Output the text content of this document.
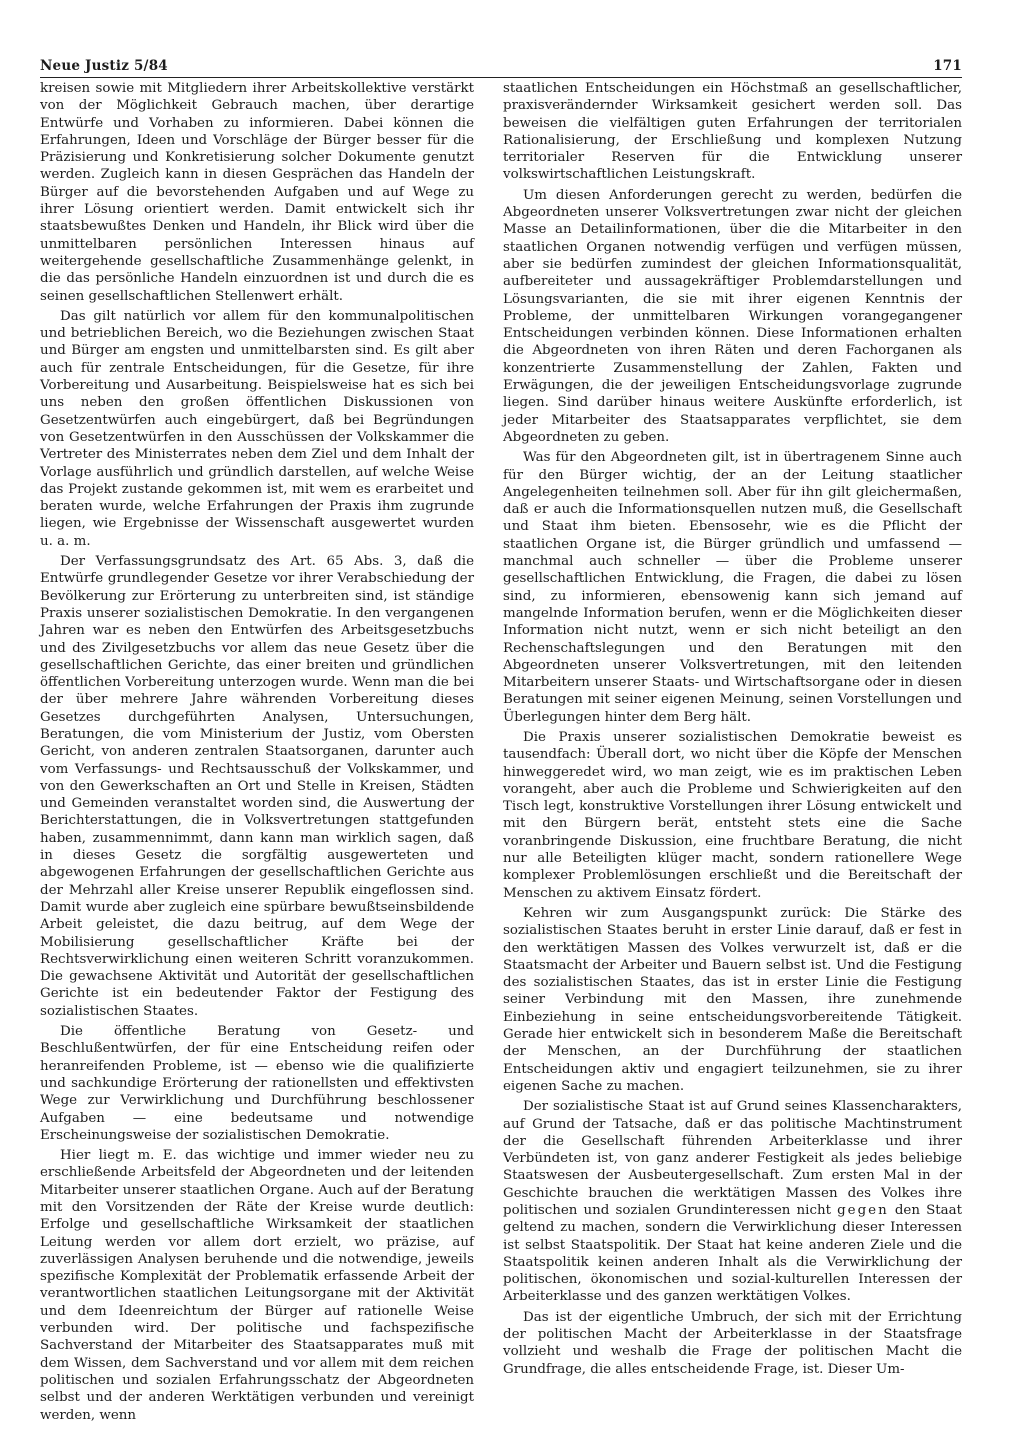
Neue Justiz 5/84	171

kreisen sowie mit Mitgliedern ihrer Arbeitskollektive verstärkt von der Möglichkeit Gebrauch machen, über derartige Entwürfe und Vorhaben zu informieren. Dabei können die Erfahrungen, Ideen und Vorschläge der Bürger besser für die Präzisierung und Konkretisierung solcher Dokumente genutzt werden. Zugleich kann in diesen Gesprächen das Handeln der Bürger auf die bevorstehenden Aufgaben und auf Wege zu ihrer Lösung orientiert werden. Damit entwickelt sich ihr staatsbewußtes Denken und Handeln, ihr Blick wird über die unmittelbaren persönlichen Interessen hinaus auf weitergehende gesellschaftliche Zusammenhänge gelenkt, in die das persönliche Handeln einzuordnen ist und durch die es seinen gesellschaftlichen Stellenwert erhält.

Das gilt natürlich vor allem für den kommunalpolitischen und betrieblichen Bereich, wo die Beziehungen zwischen Staat und Bürger am engsten und unmittelbarsten sind. Es gilt aber auch für zentrale Entscheidungen, für die Gesetze, für ihre Vorbereitung und Ausarbeitung. Beispielsweise hat es sich bei uns neben den großen öffentlichen Diskussionen von Gesetzentwürfen auch eingebürgert, daß bei Begründungen von Gesetzentwürfen in den Ausschüssen der Volkskammer die Vertreter des Ministerrates neben dem Ziel und dem Inhalt der Vorlage ausführlich und gründlich darstellen, auf welche Weise das Projekt zustande gekommen ist, mit wem es erarbeitet und beraten wurde, welche Erfahrungen der Praxis ihm zugrunde liegen, wie Ergebnisse der Wissenschaft ausgewertet wurden u. a. m.

Der Verfassungsgrundsatz des Art. 65 Abs. 3, daß die Entwürfe grundlegender Gesetze vor ihrer Verabschiedung der Bevölkerung zur Erörterung zu unterbreiten sind, ist ständige Praxis unserer sozialistischen Demokratie. In den vergangenen Jahren war es neben den Entwürfen des Arbeitsgesetzbuchs und des Zivilgesetzbuchs vor allem das neue Gesetz über die gesellschaftlichen Gerichte, das einer breiten und gründlichen öffentlichen Vorbereitung unterzogen wurde. Wenn man die bei der über mehrere Jahre währenden Vorbereitung dieses Gesetzes durchgeführten Analysen, Untersuchungen, Beratungen, die vom Ministerium der Justiz, vom Obersten Gericht, von anderen zentralen Staatsorganen, darunter auch vom Verfassungs- und Rechtsausschuß der Volkskammer, und von den Gewerkschaften an Ort und Stelle in Kreisen, Städten und Gemeinden veranstaltet worden sind, die Auswertung der Berichterstattungen, die in Volksvertretungen stattgefunden haben, zusammennimmt, dann kann man wirklich sagen, daß in dieses Gesetz die sorgfältig ausgewerteten und abgewogenen Erfahrungen der gesellschaftlichen Gerichte aus der Mehrzahl aller Kreise unserer Republik eingeflossen sind. Damit wurde aber zugleich eine spürbare bewußtseinsbildende Arbeit geleistet, die dazu beitrug, auf dem Wege der Mobilisierung gesellschaftlicher Kräfte bei der Rechtsverwirklichung einen weiteren Schritt voranzukommen. Die gewachsene Aktivität und Autorität der gesellschaftlichen Gerichte ist ein bedeutender Faktor der Festigung des sozialistischen Staates.

Die öffentliche Beratung von Gesetz- und Beschlußentwürfen, der für eine Entscheidung reifen oder heranreifenden Probleme, ist — ebenso wie die qualifizierte und sachkundige Erörterung der rationellsten und effektivsten Wege zur Verwirklichung und Durchführung beschlossener Aufgaben — eine bedeutsame und notwendige Erscheinungsweise der sozialistischen Demokratie.

Hier liegt m. E. das wichtige und immer wieder neu zu erschließende Arbeitsfeld der Abgeordneten und der leitenden Mitarbeiter unserer staatlichen Organe. Auch auf der Beratung mit den Vorsitzenden der Räte der Kreise wurde deutlich: Erfolge und gesellschaftliche Wirksamkeit der staatlichen Leitung werden vor allem dort erzielt, wo präzise, auf zuverlässigen Analysen beruhende und die notwendige, jeweils spezifische Komplexität der Problematik erfassende Arbeit der verantwortlichen staatlichen Leitungsorgane mit der Aktivität und dem Ideenreichtum der Bürger auf rationelle Weise verbunden wird. Der politische und fachspezifische Sachverstand der Mitarbeiter des Staatsapparates muß mit dem Wissen, dem Sachverstand und vor allem mit dem reichen politischen und sozialen Erfahrungsschatz der Abgeordneten selbst und der anderen Werktätigen verbunden und vereinigt werden, wenn

staatlichen Entscheidungen ein Höchstmaß an gesellschaftlicher, praxisverändernder Wirksamkeit gesichert werden soll. Das beweisen die vielfältigen guten Erfahrungen der territorialen Rationalisierung, der Erschließung und komplexen Nutzung territorialer Reserven für die Entwicklung unserer volkswirtschaftlichen Leistungskraft.

Um diesen Anforderungen gerecht zu werden, bedürfen die Abgeordneten unserer Volksvertretungen zwar nicht der gleichen Masse an Detailinformationen, über die die Mitarbeiter in den staatlichen Organen notwendig verfügen und verfügen müssen, aber sie bedürfen zumindest der gleichen Informationsqualität, aufbereiteter und aussagekräftiger Problemdarstellungen und Lösungsvarianten, die sie mit ihrer eigenen Kenntnis der Probleme, der unmittelbaren Wirkungen vorangegangener Entscheidungen verbinden können. Diese Informationen erhalten die Abgeordneten von ihren Räten und deren Fachorganen als konzentrierte Zusammenstellung der Zahlen, Fakten und Erwägungen, die der jeweiligen Entscheidungsvorlage zugrunde liegen. Sind darüber hinaus weitere Auskünfte erforderlich, ist jeder Mitarbeiter des Staatsapparates verpflichtet, sie dem Abgeordneten zu geben.

Was für den Abgeordneten gilt, ist in übertragenem Sinne auch für den Bürger wichtig, der an der Leitung staatlicher Angelegenheiten teilnehmen soll. Aber für ihn gilt gleichermaßen, daß er auch die Informationsquellen nutzen muß, die Gesellschaft und Staat ihm bieten. Ebensosehr, wie es die Pflicht der staatlichen Organe ist, die Bürger gründlich und umfassend — manchmal auch schneller — über die Probleme unserer gesellschaftlichen Entwicklung, die Fragen, die dabei zu lösen sind, zu informieren, ebensowenig kann sich jemand auf mangelnde Information berufen, wenn er die Möglichkeiten dieser Information nicht nutzt, wenn er sich nicht beteiligt an den Rechenschaftslegungen und den Beratungen mit den Abgeordneten unserer Volksvertretungen, mit den leitenden Mitarbeitern unserer Staats- und Wirtschaftsorgane oder in diesen Beratungen mit seiner eigenen Meinung, seinen Vorstellungen und Überlegungen hinter dem Berg hält.

Die Praxis unserer sozialistischen Demokratie beweist es tausendfach: Überall dort, wo nicht über die Köpfe der Menschen hinweggeredet wird, wo man zeigt, wie es im praktischen Leben vorangeht, aber auch die Probleme und Schwierigkeiten auf den Tisch legt, konstruktive Vorstellungen ihrer Lösung entwickelt und mit den Bürgern berät, entsteht stets eine die Sache voranbringende Diskussion, eine fruchtbare Beratung, die nicht nur alle Beteiligten klüger macht, sondern rationellere Wege komplexer Problemlösungen erschließt und die Bereitschaft der Menschen zu aktivem Einsatz fördert.

Kehren wir zum Ausgangspunkt zurück: Die Stärke des sozialistischen Staates beruht in erster Linie darauf, daß er fest in den werktätigen Massen des Volkes verwurzelt ist, daß er die Staatsmacht der Arbeiter und Bauern selbst ist. Und die Festigung des sozialistischen Staates, das ist in erster Linie die Festigung seiner Verbindung mit den Massen, ihre zunehmende Einbeziehung in seine entscheidungsvorbereitende Tätigkeit. Gerade hier entwickelt sich in besonderem Maße die Bereitschaft der Menschen, an der Durchführung der staatlichen Entscheidungen aktiv und engagiert teilzunehmen, sie zu ihrer eigenen Sache zu machen.

Der sozialistische Staat ist auf Grund seines Klassencharakters, auf Grund der Tatsache, daß er das politische Machtinstrument der die Gesellschaft führenden Arbeiterklasse und ihrer Verbündeten ist, von ganz anderer Festigkeit als jedes beliebige Staatswesen der Ausbeutergesellschaft. Zum ersten Mal in der Geschichte brauchen die werktätigen Massen des Volkes ihre politischen und sozialen Grundinteressen nicht gegen den Staat geltend zu machen, sondern die Verwirklichung dieser Interessen ist selbst Staatspolitik. Der Staat hat keine anderen Ziele und die Staatspolitik keinen anderen Inhalt als die Verwirklichung der politischen, ökonomischen und sozial-kulturellen Interessen der Arbeiterklasse und des ganzen werktätigen Volkes.

Das ist der eigentliche Umbruch, der sich mit der Errichtung der politischen Macht der Arbeiterklasse in der Staatsfrage vollzieht und weshalb die Frage der politischen Macht die Grundfrage, die alles entscheidende Frage, ist. Dieser Um-
